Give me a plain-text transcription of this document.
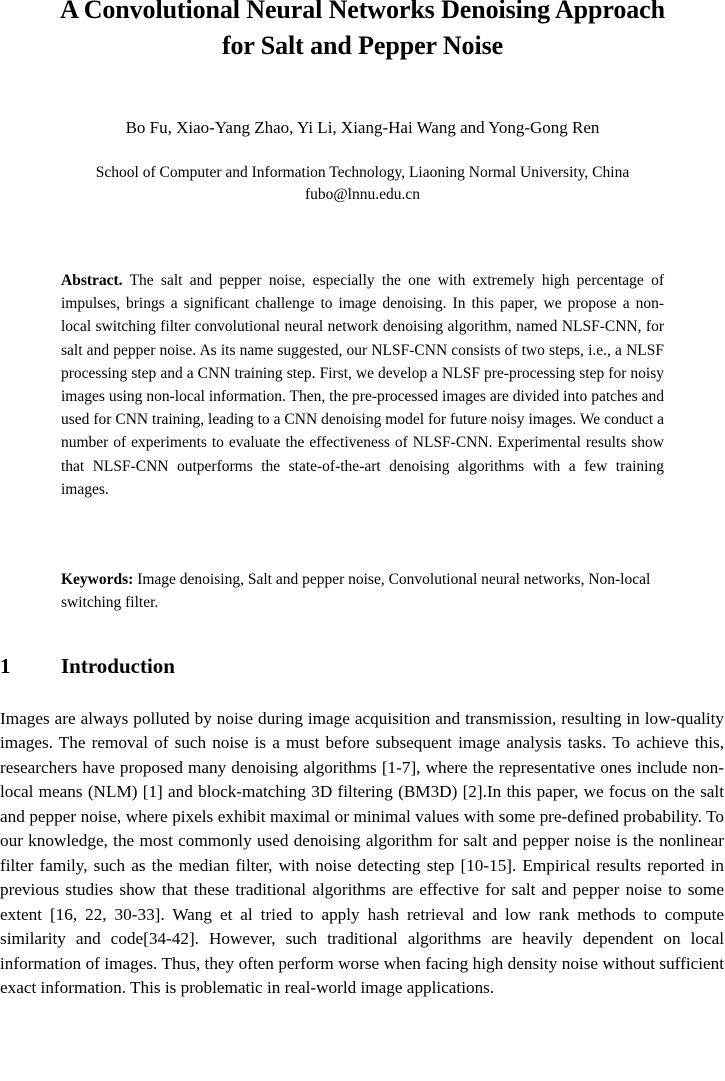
A Convolutional Neural Networks Denoising Approach
for Salt and Pepper Noise
Bo Fu, Xiao-Yang Zhao, Yi Li, Xiang-Hai Wang and Yong-Gong Ren
School of Computer and Information Technology, Liaoning Normal University, China
fubo@lnnu.edu.cn
Abstract. The salt and pepper noise, especially the one with extremely high percentage of impulses, brings a significant challenge to image denoising. In this paper, we propose a non-local switching filter convolutional neural network denoising algorithm, named NLSF-CNN, for salt and pepper noise. As its name suggested, our NLSF-CNN consists of two steps, i.e., a NLSF processing step and a CNN training step. First, we develop a NLSF pre-processing step for noisy images using non-local information. Then, the pre-processed images are divided into patches and used for CNN training, leading to a CNN denoising model for future noisy images. We conduct a number of experiments to evaluate the effectiveness of NLSF-CNN. Experimental results show that NLSF-CNN outperforms the state-of-the-art denoising algorithms with a few training images.
Keywords: Image denoising, Salt and pepper noise, Convolutional neural networks, Non-local switching filter.
1 Introduction
Images are always polluted by noise during image acquisition and transmission, resulting in low-quality images. The removal of such noise is a must before subsequent image analysis tasks. To achieve this, researchers have proposed many denoising algorithms [1-7], where the representative ones include non-local means (NLM) [1] and block-matching 3D filtering (BM3D) [2].In this paper, we focus on the salt and pepper noise, where pixels exhibit maximal or minimal values with some pre-defined probability. To our knowledge, the most commonly used denoising algorithm for salt and pepper noise is the nonlinear filter family, such as the median filter, with noise detecting step [10-15]. Empirical results reported in previous studies show that these traditional algorithms are effective for salt and pepper noise to some extent [16, 22, 30-33]. Wang et al tried to apply hash retrieval and low rank methods to compute similarity and code[34-42]. However, such traditional algorithms are heavily dependent on local information of images. Thus, they often perform worse when facing high density noise without sufficient exact information. This is problematic in real-world image applications.
